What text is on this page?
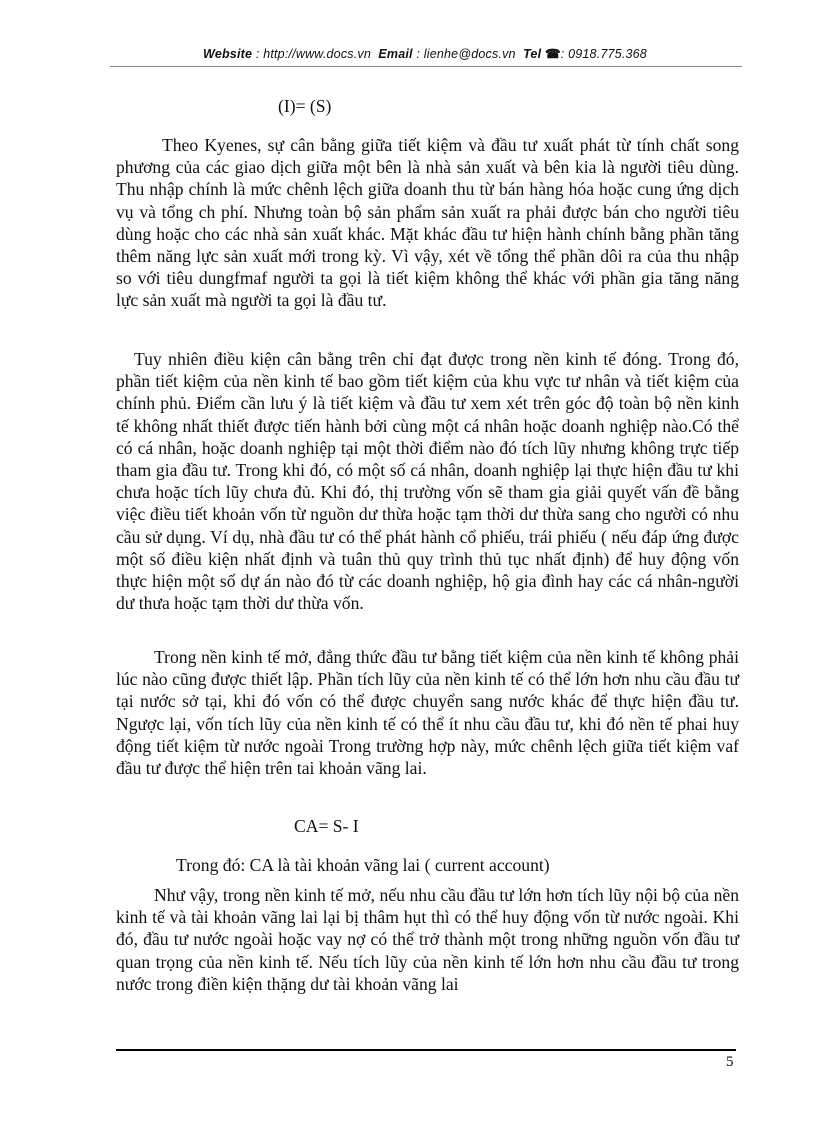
Website : http://www.docs.vn Email : lienhe@docs.vn Tel ☎: 0918.775.368
(I)= (S)

Theo Kyenes, sự cân bằng giữa tiết kiệm và đầu tư xuất phát từ tính chất song phương của các giao dịch giữa một bên là nhà sản xuất và bên kia là người tiêu dùng. Thu nhập chính là mức chênh lệch giữa doanh thu từ bán hàng hóa hoặc cung ứng dịch vụ và tổng ch phí. Nhưng toàn bộ sản phẩm sản xuất ra phải được bán cho người tiêu dùng hoặc cho các nhà sản xuất khác. Mặt khác đầu tư hiện hành chính bằng phần tăng thêm năng lực sản xuất mới trong kỳ. Vì vậy, xét về tổng thể phần dôi ra của thu nhập so với tiêu dungfmaf người ta gọi là tiết kiệm không thể khác với phần gia tăng năng lực sản xuất mà người ta gọi là đầu tư.

Tuy nhiên điều kiện cân bằng trên chỉ đạt được trong nền kinh tế đóng. Trong đó, phần tiết kiệm của nền kinh tế bao gồm tiết kiệm của khu vực tư nhân và tiết kiệm của chính phủ. Điểm cần lưu ý là tiết kiệm và đầu tư xem xét trên góc độ toàn bộ nền kinh tế không nhất thiết được tiến hành bởi cùng một cá nhân hoặc doanh nghiệp nào.Có thể có cá nhân, hoặc doanh nghiệp tại một thời điểm nào đó tích lũy nhưng không trực tiếp tham gia đầu tư. Trong khi đó, có một số cá nhân, doanh nghiệp lại thực hiện đầu tư khi chưa hoặc tích lũy chưa đủ. Khi đó, thị trường vốn sẽ tham gia giải quyết vấn đề bằng việc điều tiết khoản vốn từ nguồn dư thừa hoặc tạm thời dư thừa sang cho người có nhu cầu sử dụng. Ví dụ, nhà đầu tư có thể phát hành cổ phiếu, trái phiếu ( nếu đáp ứng được một số điều kiện nhất định và tuân thủ quy trình thủ tục nhất định) để huy động vốn thực hiện một số dự án nào đó từ các doanh nghiệp, hộ gia đình hay các cá nhân-người dư thưa hoặc tạm thời dư thừa vốn.

Trong nền kinh tế mở, đẳng thức đầu tư bằng tiết kiệm của nền kinh tế không phải lúc nào cũng được thiết lập. Phần tích lũy của nền kinh tế có thể lớn hơn nhu cầu đầu tư tại nước sở tại, khi đó vốn có thể được chuyển sang nước khác để thực hiện đầu tư. Ngược lại, vốn tích lũy của nền kinh tế có thể ít nhu cầu đầu tư, khi đó nền tế phai huy động tiết kiệm từ nước ngoài Trong trường hợp này, mức chênh lệch giữa tiết kiệm vaf đầu tư được thể hiện trên tai khoản vãng lai.

Như vậy, trong nền kinh tế mở, nếu nhu cầu đầu tư lớn hơn tích lũy nội bộ của nền kinh tế và tài khoản vãng lai lại bị thâm hụt thì có thể huy động vốn từ nước ngoài. Khi đó, đầu tư nước ngoài hoặc vay nợ có thể trở thành một trong những nguồn vốn đầu tư quan trọng của nền kinh tế. Nếu tích lũy của nền kinh tế lớn hơn nhu cầu đầu tư trong nước trong điền kiện thặng dư tài khoản vãng lai

CA= S- I
Trong đó: CA là tài khoản vãng lai ( current account)
5
